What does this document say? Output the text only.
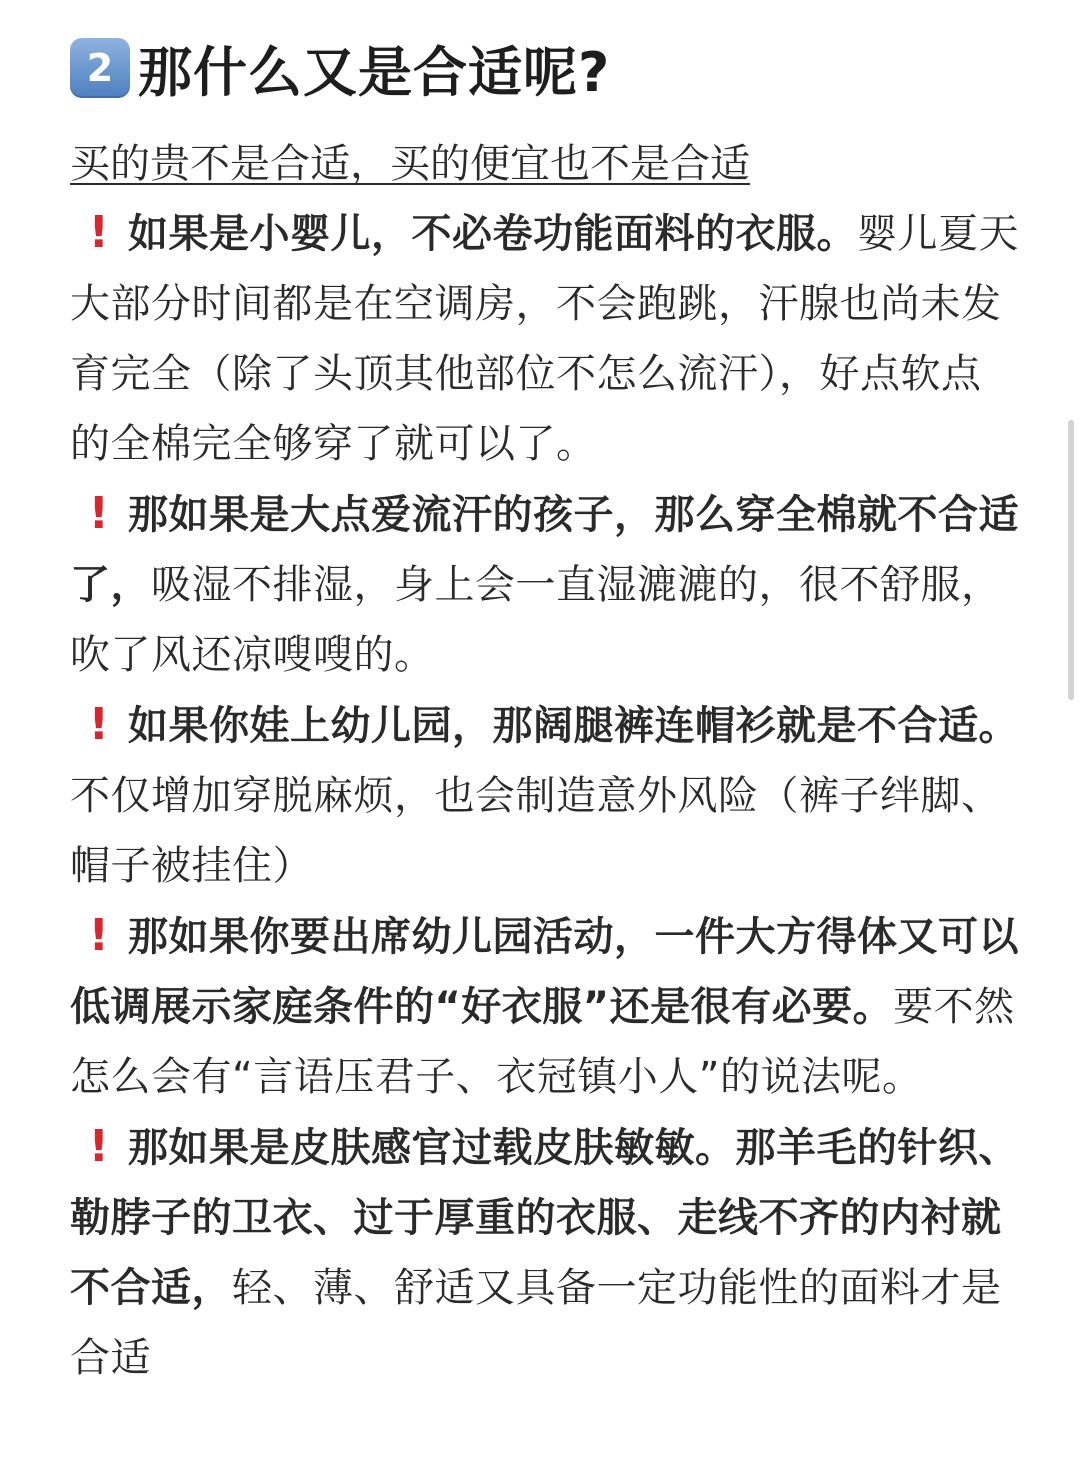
2 那什么又是合适呢?
买的贵不是合适，买的便宜也不是合适
! 如果是小婴儿，不必卷功能面料的衣服。婴儿夏天大部分时间都是在空调房，不会跑跳，汗腺也尚未发育完全（除了头顶其他部位不怎么流汗），好点软点的全棉完全够穿了就可以了。
! 那如果是大点爱流汗的孩子，那么穿全棉就不合适了，吸湿不排湿，身上会一直湿漉漉的，很不舒服，吹了风还凉嗖嗖的。
! 如果你娃上幼儿园，那阔腿裤连帽衫就是不合适。不仅增加穿脱麻烦，也会制造意外风险（裤子绊脚、帽子被挂住）
! 那如果你要出席幼儿园活动，一件大方得体又可以低调展示家庭条件的“好衣服”还是很有必要。要不然怎么会有“言语压君子、衣冠镇小人”的说法呢。
! 那如果是皮肤感官过载皮肤敏敏。那羊毛的针织、勒脖子的卫衣、过于厚重的衣服、走线不齐的内衬就不合适，轻、薄、舒适又具备一定功能性的面料才是合适
